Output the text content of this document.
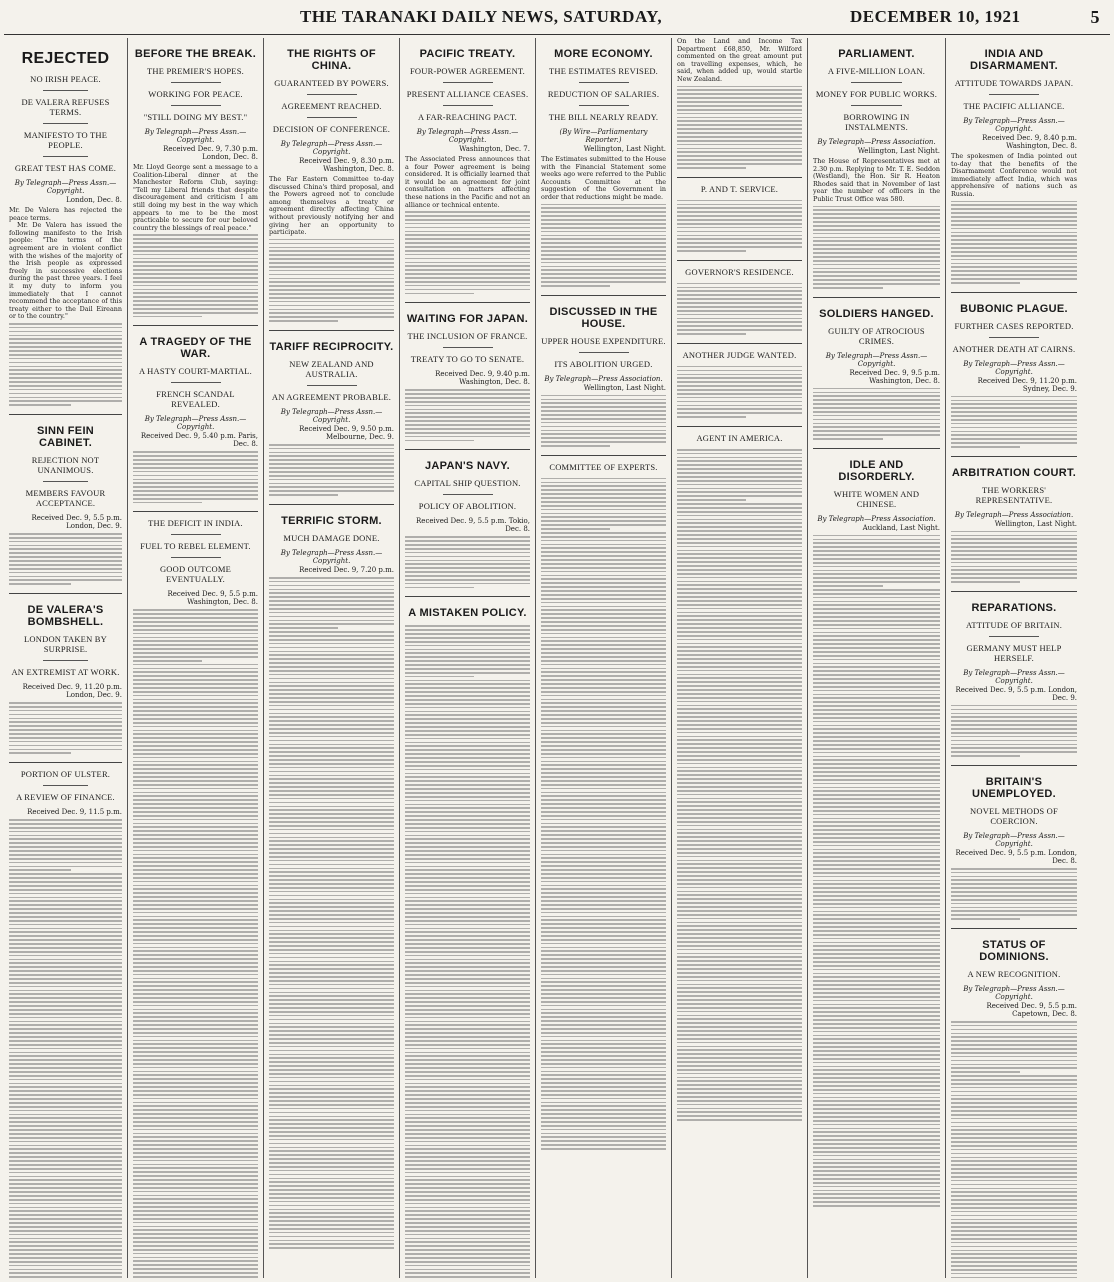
THE TARANAKI DAILY NEWS, SATURDAY,	DECEMBER 10, 1921	5
REJECTED
NO IRISH PEACE.
DE VALERA REFUSES TERMS.
MANIFESTO TO THE PEOPLE.
GREAT TEST HAS COME.
By Telegraph—Press Assn.—Copyright.
London, Dec. 8.

Mr. De Valera has rejected the peace terms.

Mr. De Valera has issued the following manifesto to the Irish people: "The terms of the agreement are in violent conflict with the wishes of the majority of the Irish people as expressed freely in successive elections during the past three years. I feel it my duty to inform you immediately that I cannot recommend the acceptance of this treaty either to the Dail Eireann or to the country."

SINN FEIN CABINET.
REJECTION NOT UNANIMOUS.
MEMBERS FAVOUR ACCEPTANCE.
Received Dec. 9, 5.5 p.m. London, Dec. 9.
DE VALERA'S BOMBSHELL.
LONDON TAKEN BY SURPRISE.
AN EXTREMIST AT WORK.
Received Dec. 9, 11.20 p.m. London, Dec. 9.
PORTION OF ULSTER.
A REVIEW OF FINANCE.
Received Dec. 9, 11.5 p.m.
BEFORE THE BREAK.
THE PREMIER'S HOPES.
WORKING FOR PEACE.
"STILL DOING MY BEST."
By Telegraph—Press Assn.—Copyright.
Received Dec. 9, 7.30 p.m. London, Dec. 8.

Mr. Lloyd George sent a message to a Coalition-Liberal dinner at the Manchester Reform Club, saying: "Tell my Liberal friends that despite discouragement and criticism I am still doing my best in the way which appears to me to be the most practicable to secure for our beloved country the blessings of real peace."

A TRAGEDY OF THE WAR.
A HASTY COURT-MARTIAL.
FRENCH SCANDAL REVEALED.
By Telegraph—Press Assn.—Copyright.
Received Dec. 9, 5.40 p.m. Paris, Dec. 8.
THE DEFICIT IN INDIA.
FUEL TO REBEL ELEMENT.
GOOD OUTCOME EVENTUALLY.
Received Dec. 9, 5.5 p.m. Washington, Dec. 8.
THE RIGHTS OF CHINA.
GUARANTEED BY POWERS.
AGREEMENT REACHED.
DECISION OF CONFERENCE.
By Telegraph—Press Assn.—Copyright.
Received Dec. 9, 8.30 p.m. Washington, Dec. 8.

The Far Eastern Committee to-day discussed China's third proposal, and the Powers agreed not to conclude among themselves a treaty or agreement directly affecting China without previously notifying her and giving her an opportunity to participate.

TARIFF RECIPROCITY.
NEW ZEALAND AND AUSTRALIA.
AN AGREEMENT PROBABLE.
By Telegraph—Press Assn.—Copyright.
Received Dec. 9, 9.50 p.m. Melbourne, Dec. 9.
TERRIFIC STORM.
MUCH DAMAGE DONE.
By Telegraph—Press Assn.—Copyright.
Received Dec. 9, 7.20 p.m.
PACIFIC TREATY.
FOUR-POWER AGREEMENT.
PRESENT ALLIANCE CEASES.
A FAR-REACHING PACT.
By Telegraph—Press Assn.—Copyright.
Washington, Dec. 7.

The Associated Press announces that a four Power agreement is being considered. It is officially learned that it would be an agreement for joint consultation on matters affecting these nations in the Pacific and not an alliance or technical entente.

WAITING FOR JAPAN.
THE INCLUSION OF FRANCE.
TREATY TO GO TO SENATE.
Received Dec. 9, 9.40 p.m. Washington, Dec. 8.
JAPAN'S NAVY.
CAPITAL SHIP QUESTION.
POLICY OF ABOLITION.
Received Dec. 9, 5.5 p.m. Tokio, Dec. 8.
A MISTAKEN POLICY.
MORE ECONOMY.
THE ESTIMATES REVISED.
REDUCTION OF SALARIES.
THE BILL NEARLY READY.
(By Wire—Parliamentary Reporter.)
Wellington, Last Night.

The Estimates submitted to the House with the Financial Statement some weeks ago were referred to the Public Accounts Committee at the suggestion of the Government in order that reductions might be made.

DISCUSSED IN THE HOUSE.
UPPER HOUSE EXPENDITURE.
ITS ABOLITION URGED.
By Telegraph—Press Association.
Wellington, Last Night.
COMMITTEE OF EXPERTS.

On the Land and Income Tax Department £68,850, Mr. Wilford commented on the great amount put on travelling expenses, which, he said, when added up, would startle New Zealand.

P. AND T. SERVICE.
GOVERNOR'S RESIDENCE.
ANOTHER JUDGE WANTED.
AGENT IN AMERICA.
PARLIAMENT.
A FIVE-MILLION LOAN.
MONEY FOR PUBLIC WORKS.
BORROWING IN INSTALMENTS.
By Telegraph—Press Association.
Wellington, Last Night.

The House of Representatives met at 2.30 p.m. Replying to Mr. T. E. Seddon (Westland), the Hon. Sir R. Heaton Rhodes said that in November of last year the number of officers in the Public Trust Office was 580.

SOLDIERS HANGED.
GUILTY OF ATROCIOUS CRIMES.
By Telegraph—Press Assn.—Copyright.
Received Dec. 9, 9.5 p.m. Washington, Dec. 8.
IDLE AND DISORDERLY.
WHITE WOMEN AND CHINESE.
By Telegraph—Press Association.
Auckland, Last Night.
INDIA AND DISARMAMENT.
ATTITUDE TOWARDS JAPAN.
THE PACIFIC ALLIANCE.
By Telegraph—Press Assn.—Copyright.
Received Dec. 9, 8.40 p.m. Washington, Dec. 8.

The spokesmen of India pointed out to-day that the benefits of the Disarmament Conference would not immediately affect India, which was apprehensive of nations such as Russia.

BUBONIC PLAGUE.
FURTHER CASES REPORTED.
ANOTHER DEATH AT CAIRNS.
By Telegraph—Press Assn.—Copyright.
Received Dec. 9, 11.20 p.m. Sydney, Dec. 9.
ARBITRATION COURT.
THE WORKERS' REPRESENTATIVE.
By Telegraph—Press Association.
Wellington, Last Night.
REPARATIONS.
ATTITUDE OF BRITAIN.
GERMANY MUST HELP HERSELF.
By Telegraph—Press Assn.—Copyright.
Received Dec. 9, 5.5 p.m. London, Dec. 9.
BRITAIN'S UNEMPLOYED.
NOVEL METHODS OF COERCION.
By Telegraph—Press Assn.—Copyright.
Received Dec. 9, 5.5 p.m. London, Dec. 8.
STATUS OF DOMINIONS.
A NEW RECOGNITION.
By Telegraph—Press Assn.—Copyright.
Received Dec. 9, 5.5 p.m. Capetown, Dec. 8.
